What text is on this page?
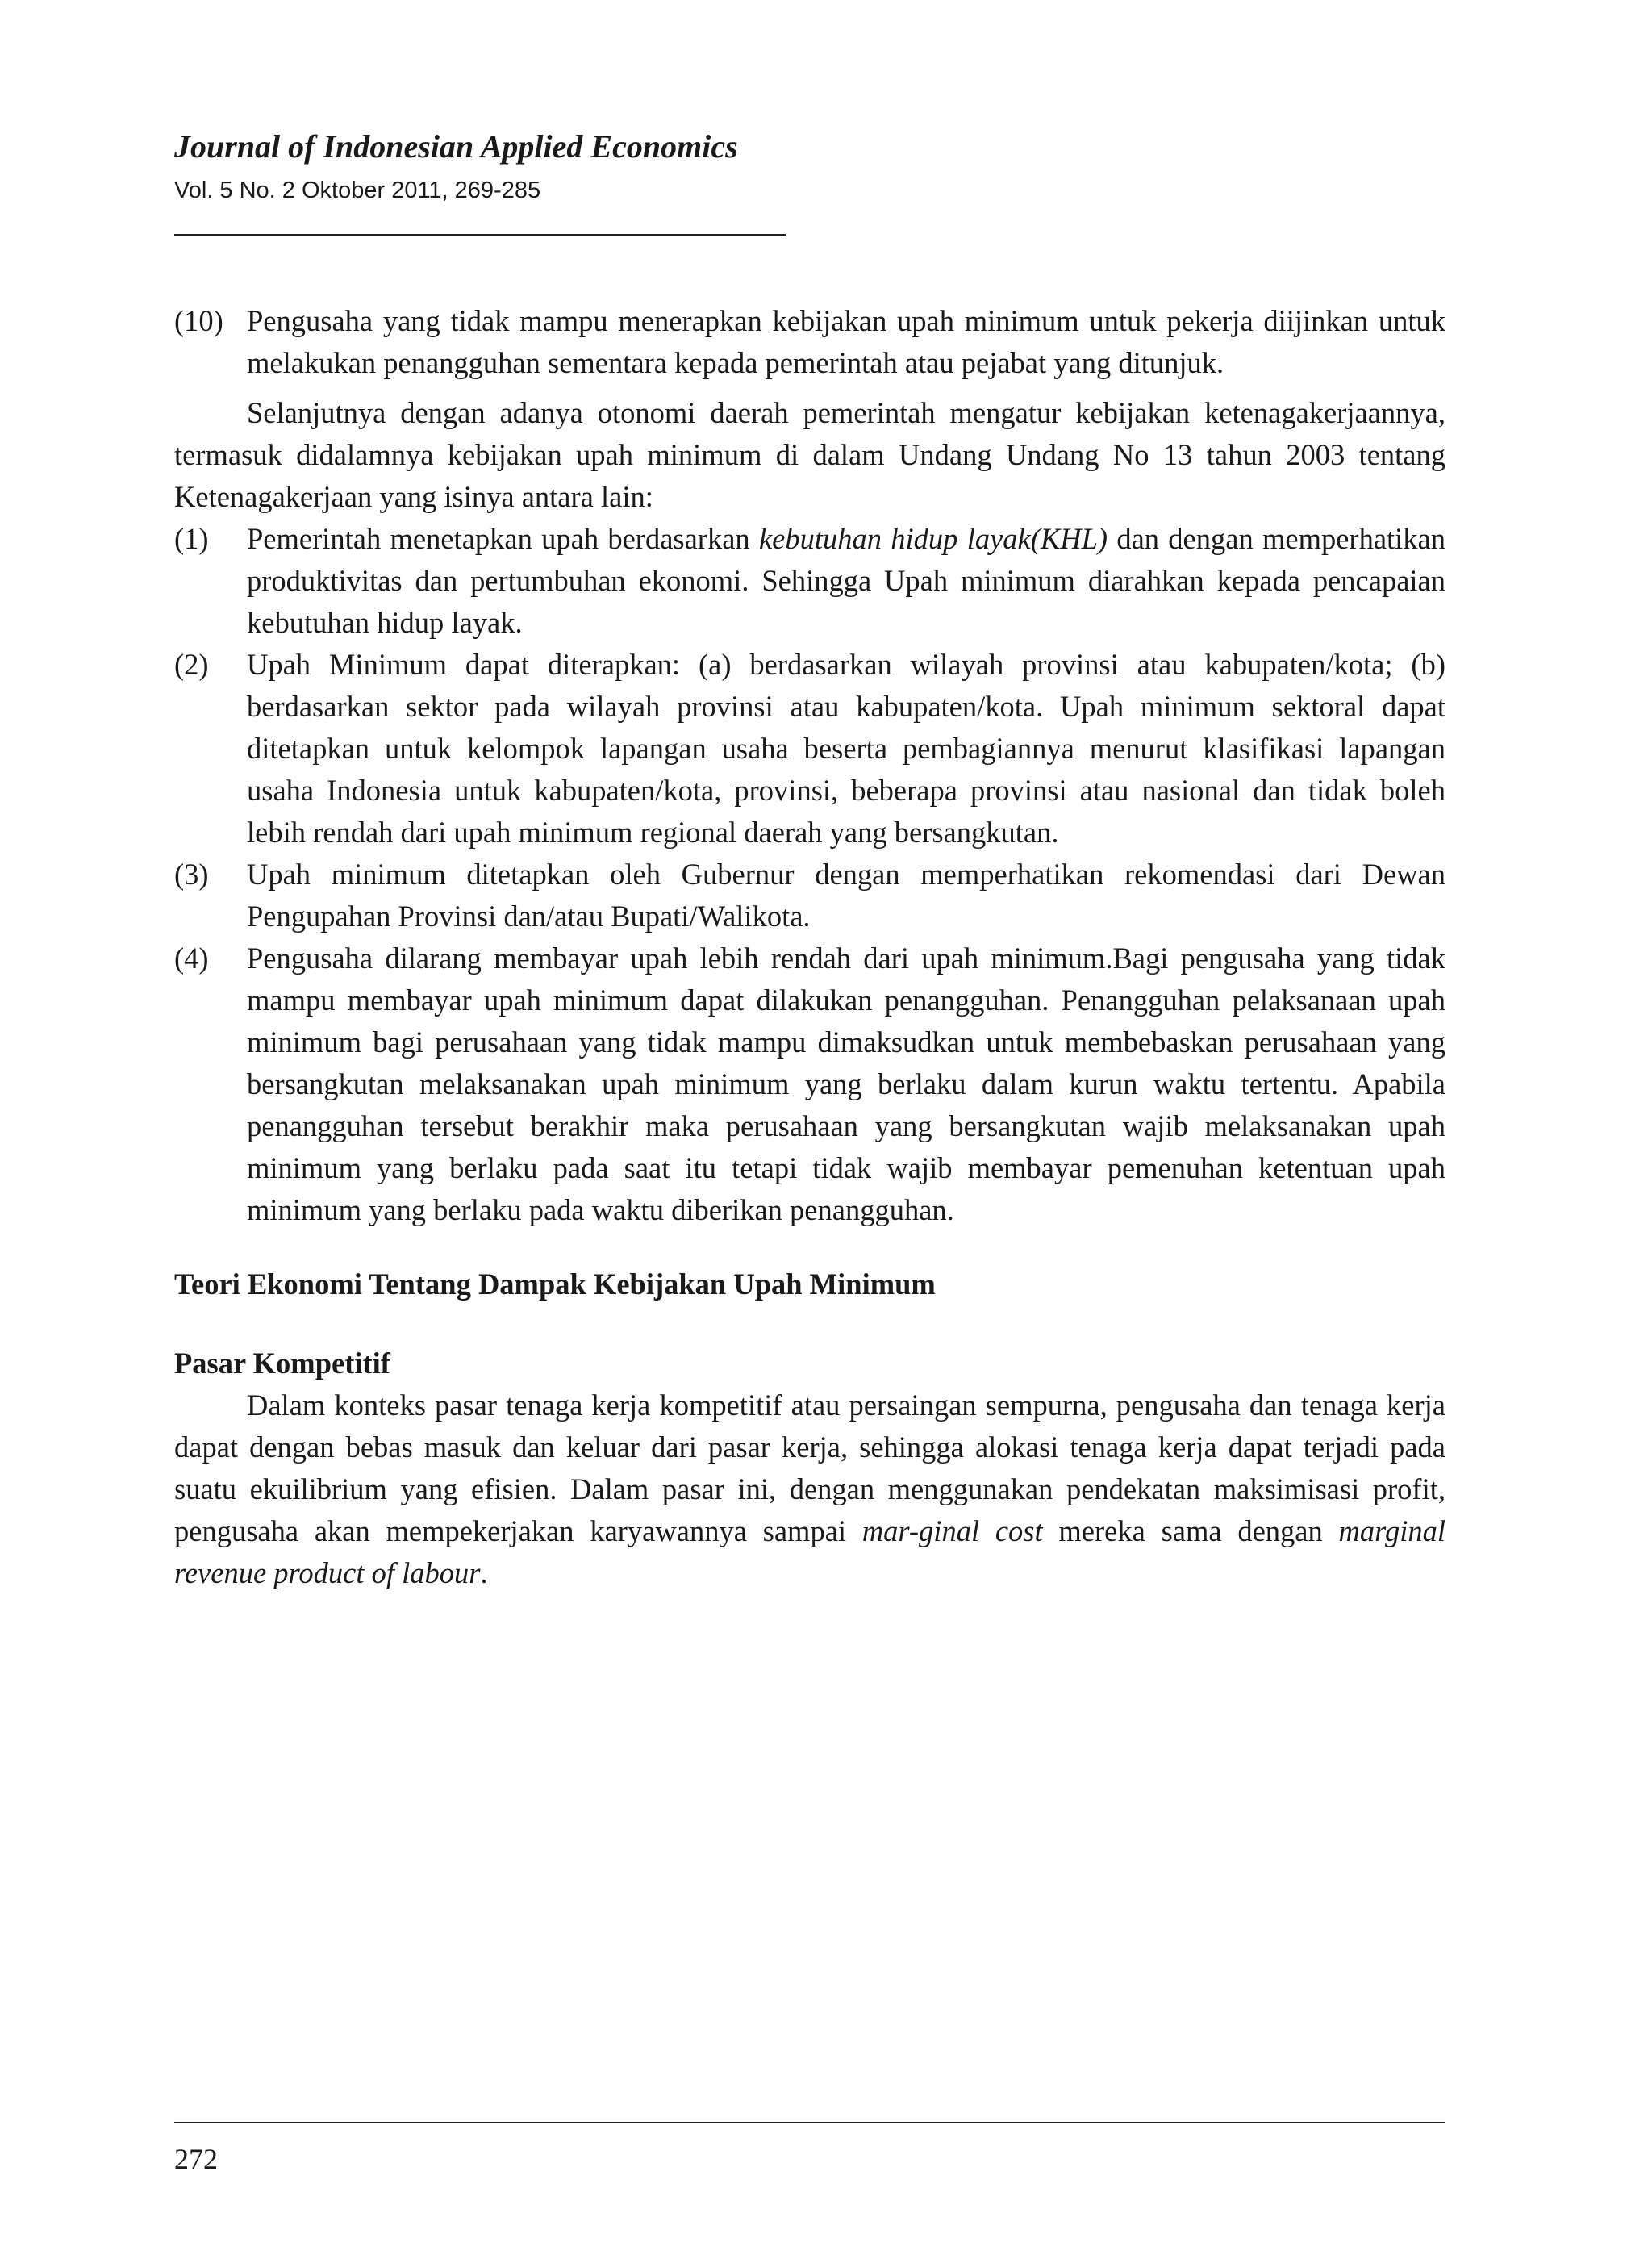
Journal of Indonesian Applied Economics
Vol. 5 No. 2 Oktober 2011, 269-285
(10) Pengusaha yang tidak mampu menerapkan kebijakan upah minimum untuk pekerja diijinkan untuk melakukan penangguhan sementara kepada pemerintah atau pejabat yang ditunjuk.
Selanjutnya dengan adanya otonomi daerah pemerintah mengatur kebijakan ketenagakerjaannya, termasuk didalamnya kebijakan upah minimum di dalam Undang Undang No 13 tahun 2003 tentang Ketenagakerjaan yang isinya antara lain:
(1)	Pemerintah menetapkan upah berdasarkan kebutuhan hidup layak(KHL) dan dengan memperhatikan produktivitas dan pertumbuhan ekonomi. Sehingga Upah minimum diarahkan kepada pencapaian kebutuhan hidup layak.
(2)	Upah Minimum dapat diterapkan: (a) berdasarkan wilayah provinsi atau kabupaten/kota; (b) berdasarkan sektor pada wilayah provinsi atau kabupaten/kota. Upah minimum sektoral dapat ditetapkan untuk kelompok lapangan usaha beserta pembagiannya menurut klasifikasi lapangan usaha Indonesia untuk kabupaten/kota, provinsi, beberapa provinsi atau nasional dan tidak boleh lebih rendah dari upah minimum regional daerah yang bersangkutan.
(3)	Upah minimum ditetapkan oleh Gubernur dengan memperhatikan rekomendasi dari Dewan Pengupahan Provinsi dan/atau Bupati/Walikota.
(4)	Pengusaha dilarang membayar upah lebih rendah dari upah minimum.Bagi pengusaha yang tidak mampu membayar upah minimum dapat dilakukan penangguhan. Penangguhan pelaksanaan upah minimum bagi perusahaan yang tidak mampu dimaksudkan untuk membebaskan perusahaan yang bersangkutan melaksanakan upah minimum yang berlaku dalam kurun waktu tertentu. Apabila penangguhan tersebut berakhir maka perusahaan yang bersangkutan wajib melaksanakan upah minimum yang berlaku pada saat itu tetapi tidak wajib membayar pemenuhan ketentuan upah minimum yang berlaku pada waktu diberikan penangguhan.
Teori Ekonomi Tentang Dampak Kebijakan Upah Minimum
Pasar Kompetitif
Dalam konteks pasar tenaga kerja kompetitif atau persaingan sempurna, pengusaha dan tenaga kerja dapat dengan bebas masuk dan keluar dari pasar kerja, sehingga alokasi tenaga kerja dapat terjadi pada suatu ekuilibrium yang efisien. Dalam pasar ini, dengan menggunakan pendekatan maksimisasi profit, pengusaha akan mempekerjakan karyawannya sampai mar-ginal cost mereka sama dengan marginal revenue product of labour.
272
